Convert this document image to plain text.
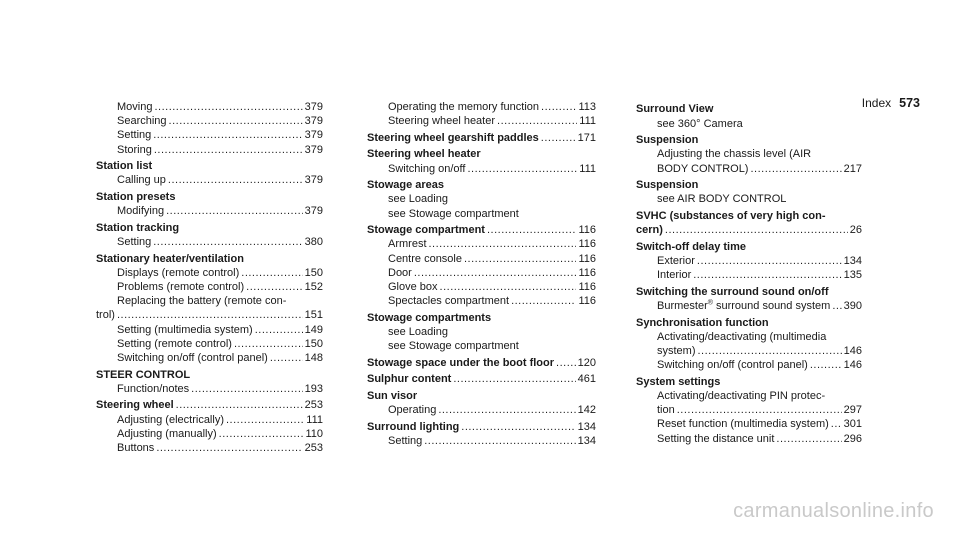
Index 573
Moving .....	379
Searching .....	379
Setting .....	379
Storing .....	379
Station list
Calling up .....	379
Station presets
Modifying .....	379
Station tracking
Setting .....	380
Stationary heater/ventilation
Displays (remote control) .....	150
Problems (remote control) .....	152
Replacing the battery (remote con-
trol) .....	151
Setting (multimedia system) .....	149
Setting (remote control) .....	150
Switching on/off (control panel) .....	148
STEER CONTROL
Function/notes .....	193
Steering wheel .....	253
Adjusting (electrically) .....	111
Adjusting (manually) .....	110
Buttons .....	253
Operating the memory function .....	113
Steering wheel heater .....	111
Steering wheel gearshift paddles .....	171
Steering wheel heater
Switching on/off .....	111
Stowage areas
see Loading
see Stowage compartment
Stowage compartment .....	116
Armrest .....	116
Centre console .....	116
Door .....	116
Glove box .....	116
Spectacles compartment .....	116
Stowage compartments
see Loading
see Stowage compartment
Stowage space under the boot floor ..... 120
Sulphur content .....	461
Sun visor
Operating .....	142
Surround lighting .....	134
Setting .....	134
Surround View
see 360° Camera
Suspension
Adjusting the chassis level (AIR
BODY CONTROL) .....	217
Suspension
see AIR BODY CONTROL
SVHC (substances of very high con-
cern) .....	26
Switch-off delay time
Exterior .....	134
Interior .....	135
Switching the surround sound on/off
Burmester® surround sound system ..... 390
Synchronisation function
Activating/deactivating (multimedia
system) .....	146
Switching on/off (control panel) .....	146
System settings
Activating/deactivating PIN protec-
tion .....	297
Reset function (multimedia system) ..... 301
Setting the distance unit .....	296
carmanualsonline.info
